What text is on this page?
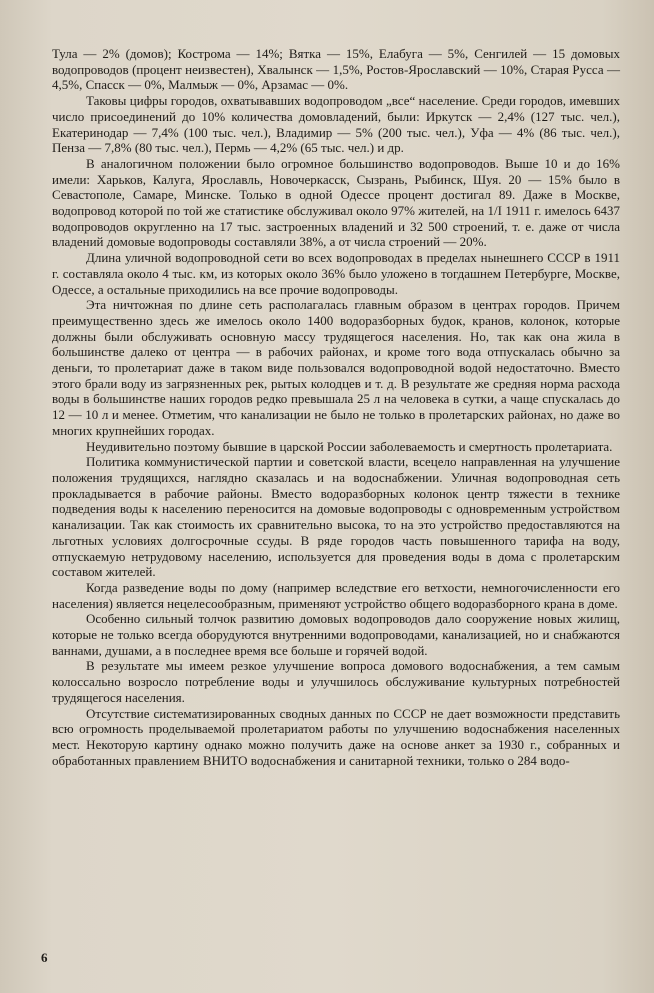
Тула — 2% (домов); Кострома — 14%; Вятка — 15%, Елабуга — 5%, Сенгилей — 15 домовых водопроводов (процент неизвестен), Хвалынск — 1,5%, Ростов-Ярославский — 10%, Старая Русса — 4,5%, Спасск — 0%, Малмыж — 0%, Арзамас — 0%.

Таковы цифры городов, охватывавших водопроводом „все“ население. Среди городов, имевших число присоединений до 10% количества домовладений, были: Иркутск — 2,4% (127 тыс. чел.), Екатеринодар — 7,4% (100 тыс. чел.), Владимир — 5% (200 тыс. чел.), Уфа — 4% (86 тыс. чел.), Пенза — 7,8% (80 тыс. чел.), Пермь — 4,2% (65 тыс. чел.) и др.

В аналогичном положении было огромное большинство водопроводов. Выше 10 и до 16% имели: Харьков, Калуга, Ярославль, Новочеркасск, Сызрань, Рыбинск, Шуя. 20 — 15% было в Севастополе, Самаре, Минске. Только в одной Одессе процент достигал 89. Даже в Москве, водопровод которой по той же статистике обслуживал около 97% жителей, на 1/I 1911 г. имелось 6437 водопроводов округленно на 17 тыс. застроенных владений и 32 500 строений, т. е. даже от числа владений домовые водопроводы составляли 38%, а от числа строений — 20%.

Длина уличной водопроводной сети во всех водопроводах в пределах нынешнего СССР в 1911 г. составляла около 4 тыс. км, из которых около 36% было уложено в тогдашнем Петербурге, Москве, Одессе, а остальные приходились на все прочие водопроводы.

Эта ничтожная по длине сеть располагалась главным образом в центрах городов. Причем преимущественно здесь же имелось около 1400 водоразборных будок, кранов, колонок, которые должны были обслуживать основную массу трудящегося населения. Но, так как она жила в большинстве далеко от центра — в рабочих районах, и кроме того вода отпускалась обычно за деньги, то пролетариат даже в таком виде пользовался водопроводной водой недостаточно. Вместо этого брали воду из загрязненных рек, рытых колодцев и т. д. В результате же средняя норма расхода воды в большинстве наших городов редко превышала 25 л на человека в сутки, а чаще спускалась до 12 — 10 л и менее. Отметим, что канализации не было не только в пролетарских районах, но даже во многих крупнейших городах.

Неудивительно поэтому бывшие в царской России заболеваемость и смертность пролетариата.

Политика коммунистической партии и советской власти, всецело направленная на улучшение положения трудящихся, наглядно сказалась и на водоснабжении. Уличная водопроводная сеть прокладывается в рабочие районы. Вместо водоразборных колонок центр тяжести в технике подведения воды к населению переносится на домовые водопроводы с одновременным устройством канализации. Так как стоимость их сравнительно высока, то на это устройство предоставляются на льготных условиях долгосрочные ссуды. В ряде городов часть повышенного тарифа на воду, отпускаемую нетрудовому населению, используется для проведения воды в дома с пролетарским составом жителей.

Когда разведение воды по дому (например вследствие его ветхости, немногочисленности его населения) является нецелесообразным, применяют устройство общего водоразборного крана в доме.

Особенно сильный толчок развитию домовых водопроводов дало сооружение новых жилищ, которые не только всегда оборудуются внутренними водопроводами, канализацией, но и снабжаются ваннами, душами, а в последнее время все больше и горячей водой.

В результате мы имеем резкое улучшение вопроса домового водоснабжения, а тем самым колоссально возросло потребление воды и улучшилось обслуживание культурных потребностей трудящегося населения.

Отсутствие систематизированных сводных данных по СССР не дает возможности представить всю огромность проделываемой пролетариатом работы по улучшению водоснабжения населенных мест. Некоторую картину однако можно получить даже на основе анкет за 1930 г., собранных и обработанных правлением ВНИТО водоснабжения и санитарной техники, только о 284 водо-

6
